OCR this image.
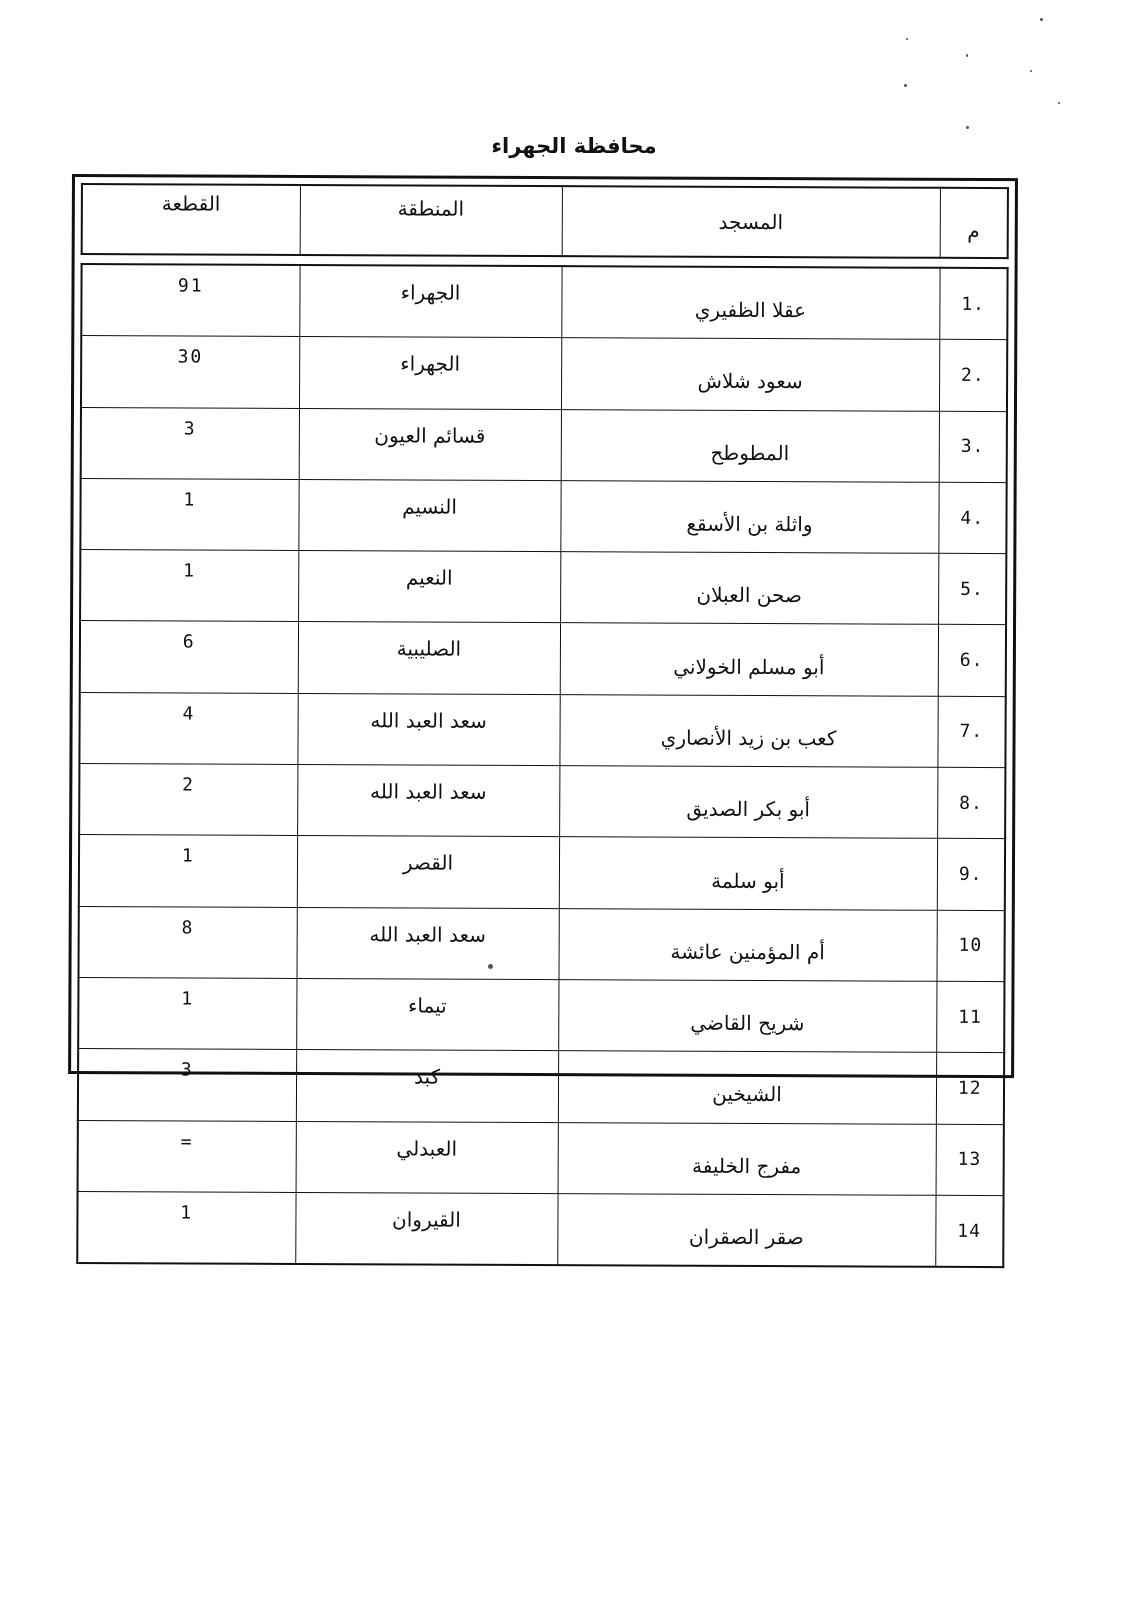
محافظة الجهراء
م	المسجد	المنطقة	القطعة
1.	عقلا الظفيري	الجهراء	91
2.	سعود شلاش	الجهراء	30
3.	المطوطح	قسائم العيون	3
4.	واثلة بن الأسقع	النسيم	1
5.	صحن العبلان	النعيم	1
6.	أبو مسلم الخولاني	الصليبية	6
7.	كعب بن زيد الأنصاري	سعد العبد الله	4
8.	أبو بكر الصديق	سعد العبد الله	2
9.	أبو سلمة	القصر	1
10	أم المؤمنين عائشة	سعد العبد الله	8
11	شريح القاضي	تيماء	1
12	الشيخين	كبد	3
13	مفرج الخليفة	العبدلي	=
14	صقر الصقران	القيروان	1
